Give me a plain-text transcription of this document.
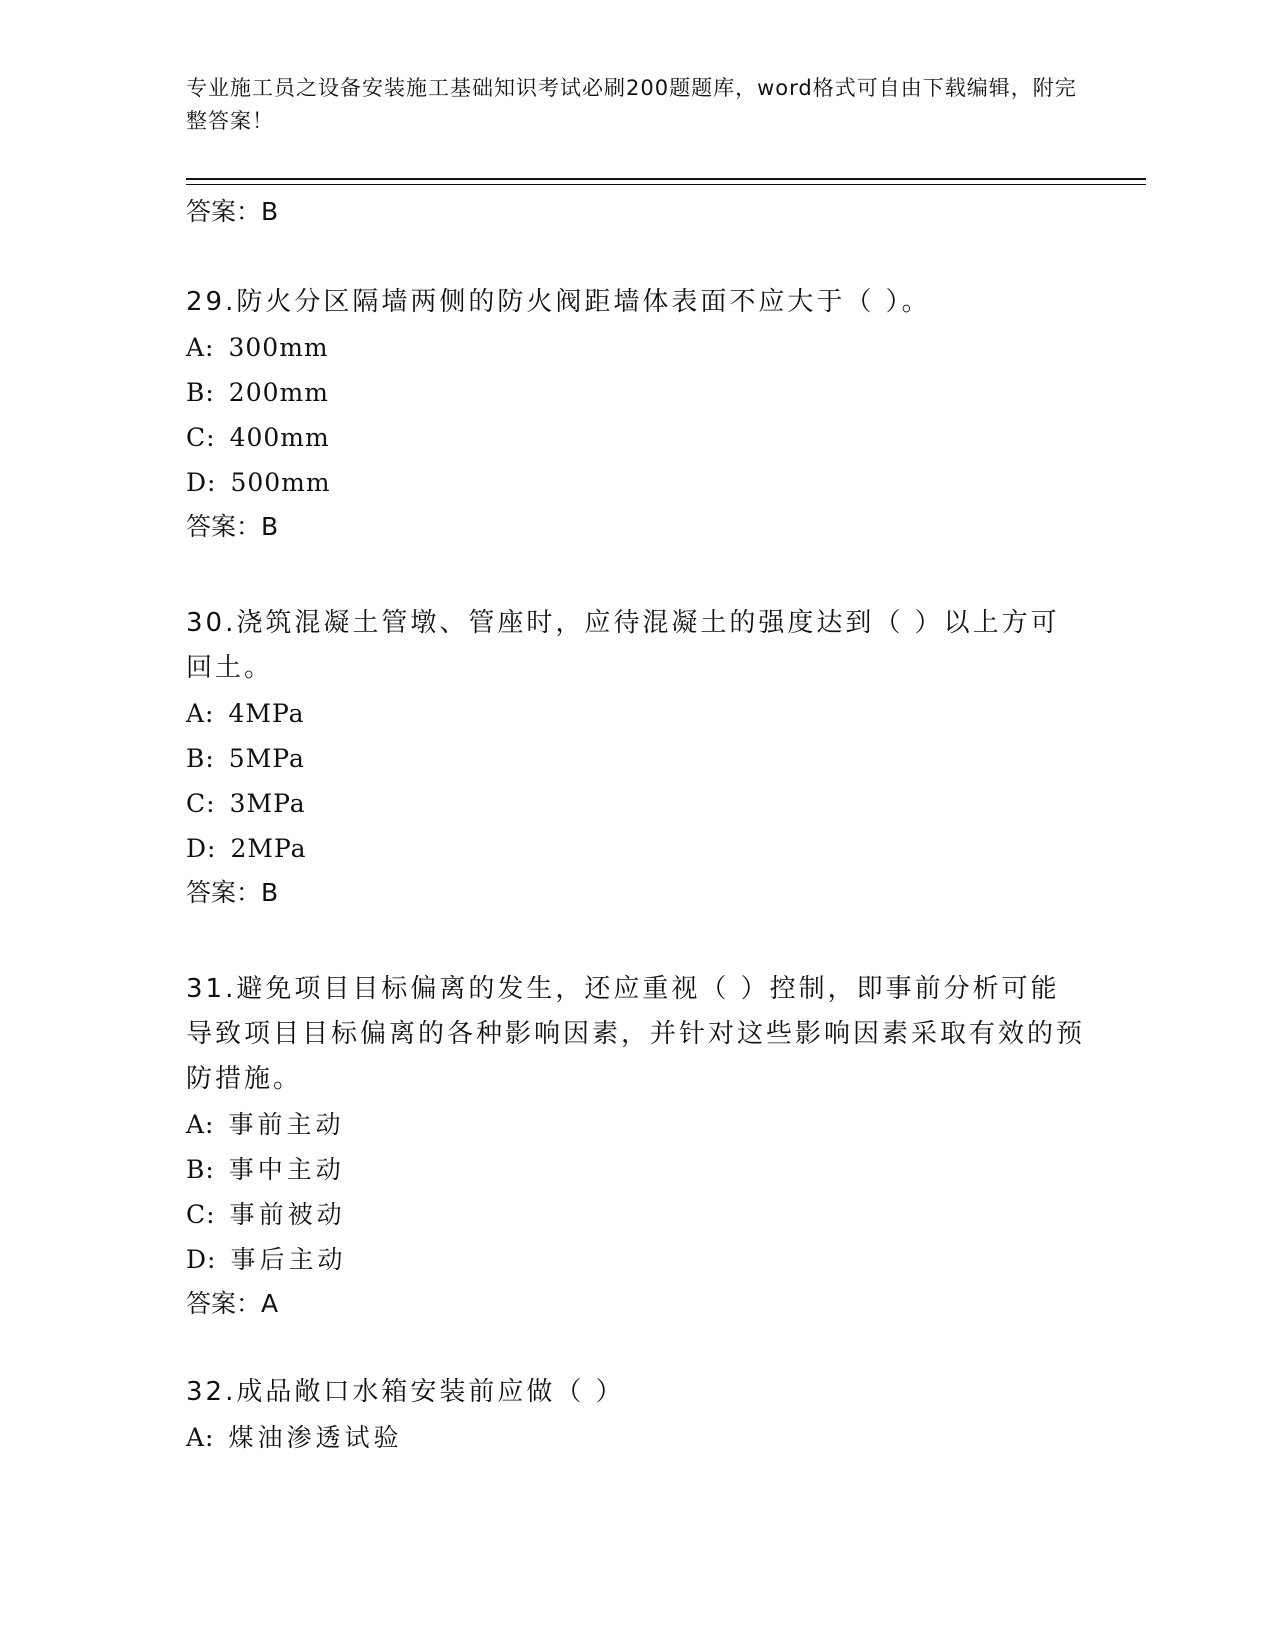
专业施工员之设备安装施工基础知识考试必刷200题题库，word格式可自由下载编辑，附完整答案！
答案：B

29.防火分区隔墙两侧的防火阀距墙体表面不应大于（ ）。

A: 300mm
B: 200mm
C: 400mm
D: 500mm
答案：B

30.浇筑混凝土管墩、管座时，应待混凝土的强度达到（ ）以上方可回土。

A: 4MPa
B: 5MPa
C: 3MPa
D: 2MPa
答案：B

31.避免项目目标偏离的发生，还应重视（ ）控制，即事前分析可能导致项目目标偏离的各种影响因素，并针对这些影响因素采取有效的预防措施。

A: 事前主动
B: 事中主动
C: 事前被动
D: 事后主动
答案：A

32.成品敞口水箱安装前应做（ ）

A: 煤油渗透试验
